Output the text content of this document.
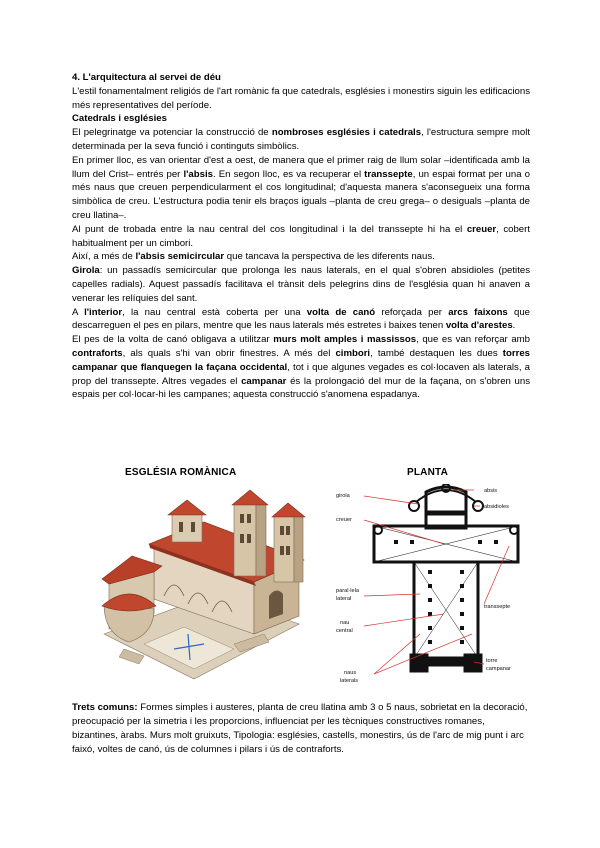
4. L'arquitectura al servei de déu

L'estil fonamentalment religiós de l'art romànic fa que catedrals, esglésies i monestirs siguin les edificacions més representatives del període.

Catedrals i esglésies

El pelegrinatge va potenciar la construcció de nombroses esglésies i catedrals, l'estructura sempre molt determinada per la seva funció i continguts simbòlics.

En primer lloc, es van orientar d'est a oest, de manera que el primer raig de llum solar –identificada amb la llum del Crist– entrés per l'absis. En segon lloc, es va recuperar el transsepte, un espai format per una o més naus que creuen perpendicularment el cos longitudinal; d'aquesta manera s'aconsegueix una forma simbòlica de creu. L'estructura podia tenir els braços iguals –planta de creu grega– o desiguals –planta de creu llatina–.

Al punt de trobada entre la nau central del cos longitudinal i la del transsepte hi ha el creuer, cobert habitualment per un cimbori.

Així, a més de l'absis semicircular que tancava la perspectiva de les diferents naus.

Girola: un passadís semicircular que prolonga les naus laterals, en el qual s'obren absidioles (petites capelles radials). Aquest passadís facilitava el trànsit dels pelegrins dins de l'església quan hi anaven a venerar les relíquies del sant.

A l'interior, la nau central està coberta per una volta de canó reforçada per arcs faixons que descarreguen el pes en pilars, mentre que les naus laterals més estretes i baixes tenen volta d'arestes.

El pes de la volta de canó obligava a utilitzar murs molt amples i massissos, que es van reforçar amb contraforts, als quals s'hi van obrir finestres. A més del cimbori, també destaquen les dues torres campanar que flanquegen la façana occidental, tot i que algunes vegades es col·locaven als laterals, a prop del transsepte. Altres vegades el campanar és la prolongació del mur de la façana, on s'obren uns espais per col·locar-hi les campanes; aquesta construcció s'anomena espadanya.

ESGLÉSIA ROMÀNICA	PLANTA
girola
absis
creuer
absidioles
paral·lela
lateral
transsepte
nau
central
torre
campanar
naus
laterals

Trets comuns: Formes simples i austeres, planta de creu llatina amb 3 o 5 naus, sobrietat en la decoració, preocupació per la simetria i les proporcions, influenciat per les tècniques constructives romanes, bizantines, àrabs. Murs molt gruixuts, Tipologia: esglésies, castells, monestirs, ús de l'arc de mig punt i arc faixó, voltes de canó, ús de columnes i pilars i ús de contraforts.
